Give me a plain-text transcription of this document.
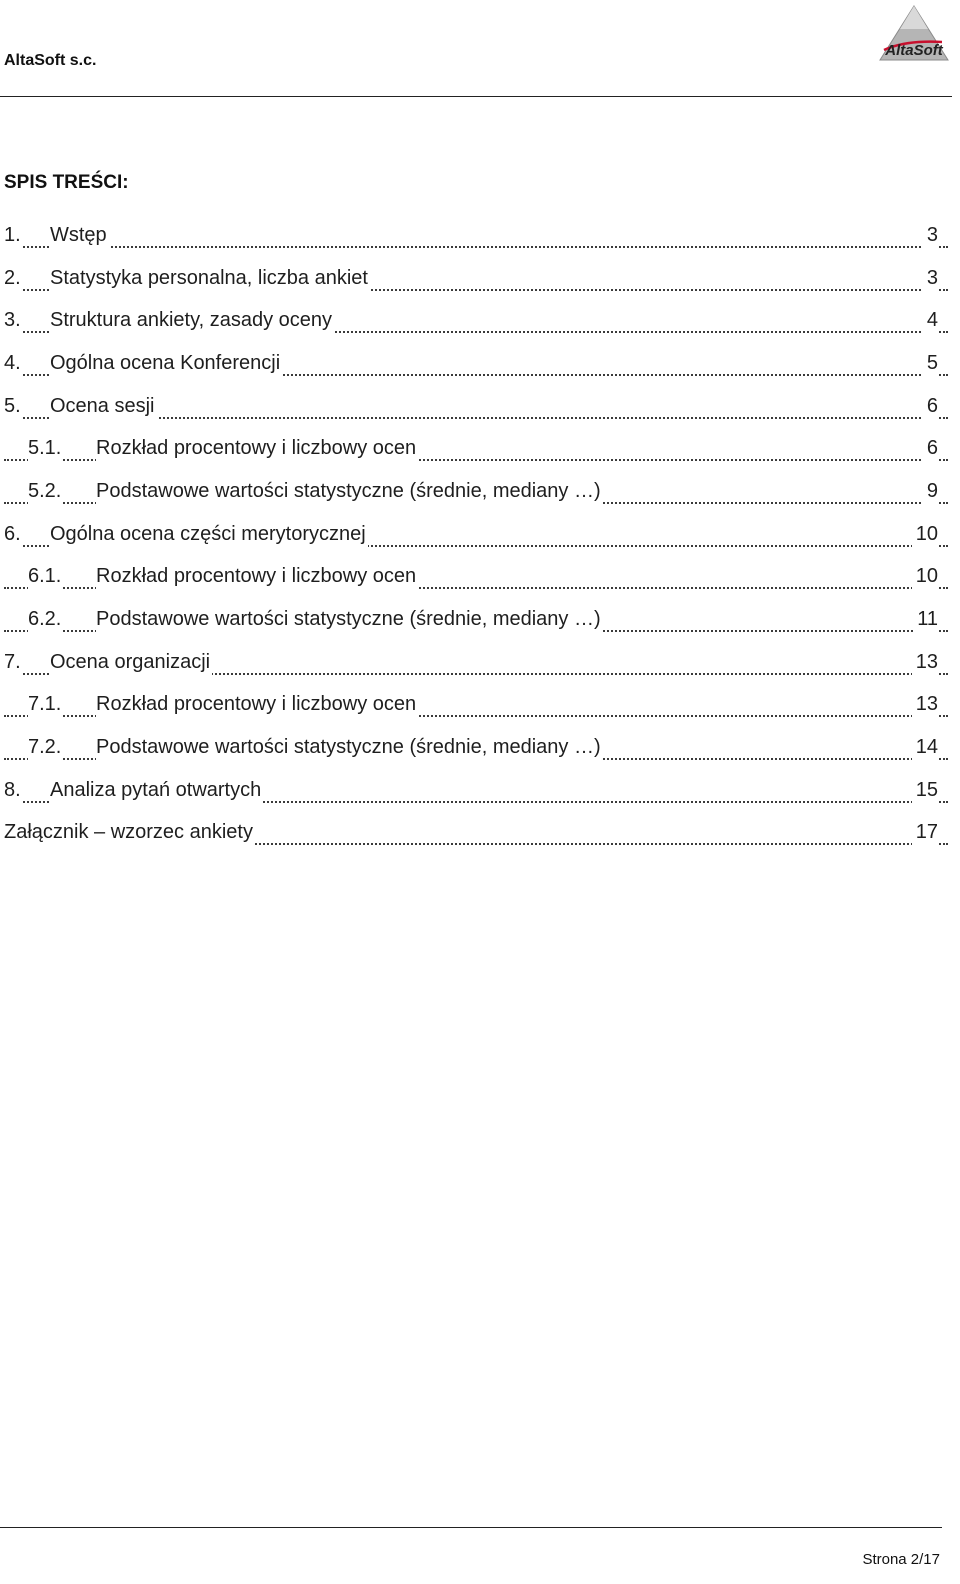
AltaSoft s.c.
AltaSoft
SPIS TREŚCI:
1. Wstęp	3
2. Statystyka personalna, liczba ankiet	3
3. Struktura ankiety, zasady oceny	4
4. Ogólna ocena Konferencji	5
5. Ocena sesji	6
5.1. Rozkład procentowy i liczbowy ocen	6
5.2. Podstawowe wartości statystyczne (średnie, mediany …)	9
6. Ogólna ocena części merytorycznej	10
6.1. Rozkład procentowy i liczbowy ocen	10
6.2. Podstawowe wartości statystyczne (średnie, mediany …)	11
7. Ocena organizacji	13
7.1. Rozkład procentowy i liczbowy ocen	13
7.2. Podstawowe wartości statystyczne (średnie, mediany …)	14
8. Analiza pytań otwartych	15
Załącznik – wzorzec ankiety	17
Strona 2/17
